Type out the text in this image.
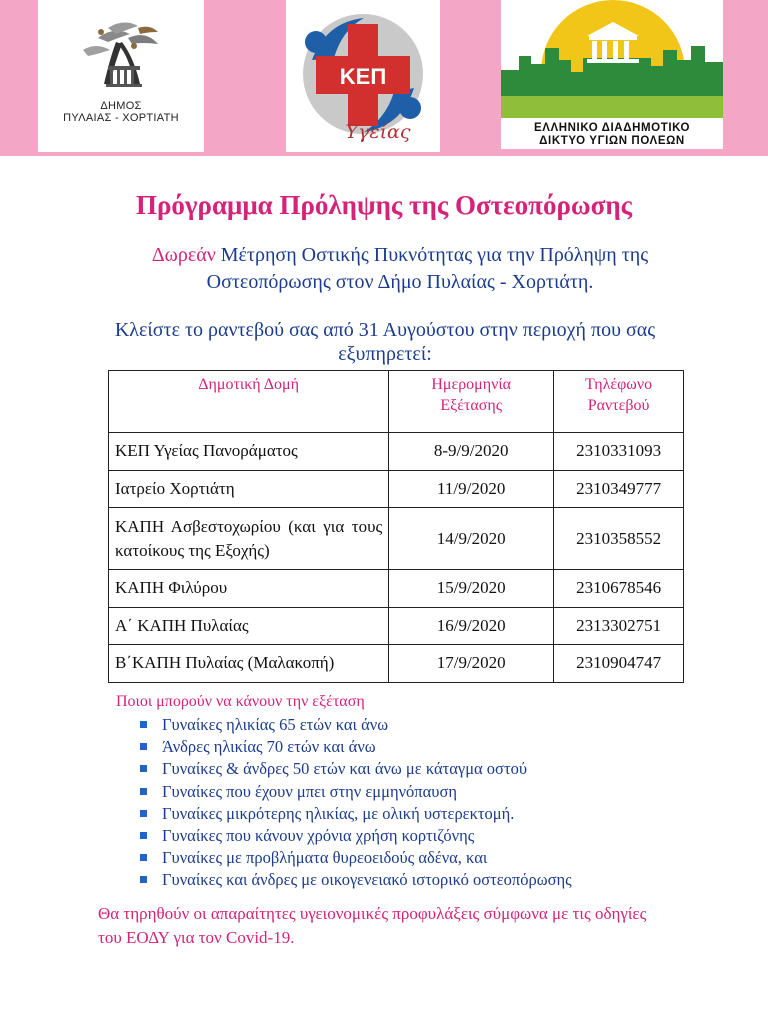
ΔΗΜΟΣ
ΠΥΛΑΙΑΣ - ΧΟΡΤΙΑΤΗ
ΚΕΠ
Υγείας	ΕΛΛΗΝΙΚΟ ΔΙΑΔΗΜΟΤΙΚΟ
ΔΙΚΤΥΟ ΥΓΙΩΝ ΠΟΛΕΩΝ
Πρόγραμμα Πρόληψης της Οστεοπόρωσης
Δωρεάν Μέτρηση Οστικής Πυκνότητας για την Πρόληψη της Οστεοπόρωσης στον Δήμο Πυλαίας - Χορτιάτη.
Κλείστε το ραντεβού σας από 31 Αυγούστου στην περιοχή που σας εξυπηρετεί:
Δημοτική Δομή	Ημερομηνία Εξέτασης	Τηλέφωνο Ραντεβού
ΚΕΠ Υγείας Πανοράματος	8-9/9/2020	2310331093
Ιατρείο Χορτιάτη	11/9/2020	2310349777
ΚΑΠΗ Ασβεστοχωρίου (και για τους κατοίκους της Εξοχής)	14/9/2020	2310358552
ΚΑΠΗ Φιλύρου	15/9/2020	2310678546
Α΄ ΚΑΠΗ Πυλαίας	16/9/2020	2313302751
Β΄ΚΑΠΗ Πυλαίας (Μαλακοπή)	17/9/2020	2310904747
Ποιοι μπορούν να κάνουν την εξέταση
Γυναίκες ηλικίας 65 ετών και άνω
Άνδρες ηλικίας 70 ετών και άνω
Γυναίκες & άνδρες 50 ετών και άνω με κάταγμα οστού
Γυναίκες που έχουν μπει στην εμμηνόπαυση
Γυναίκες μικρότερης ηλικίας, με ολική υστερεκτομή.
Γυναίκες που κάνουν χρόνια χρήση κορτιζόνης
Γυναίκες με προβλήματα θυρεοειδούς αδένα, και
Γυναίκες και άνδρες με οικογενειακό ιστορικό οστεοπόρωσης
Θα τηρηθούν οι απαραίτητες υγειονομικές προφυλάξεις σύμφωνα με τις οδηγίες του ΕΟΔΥ για τον Covid-19.
